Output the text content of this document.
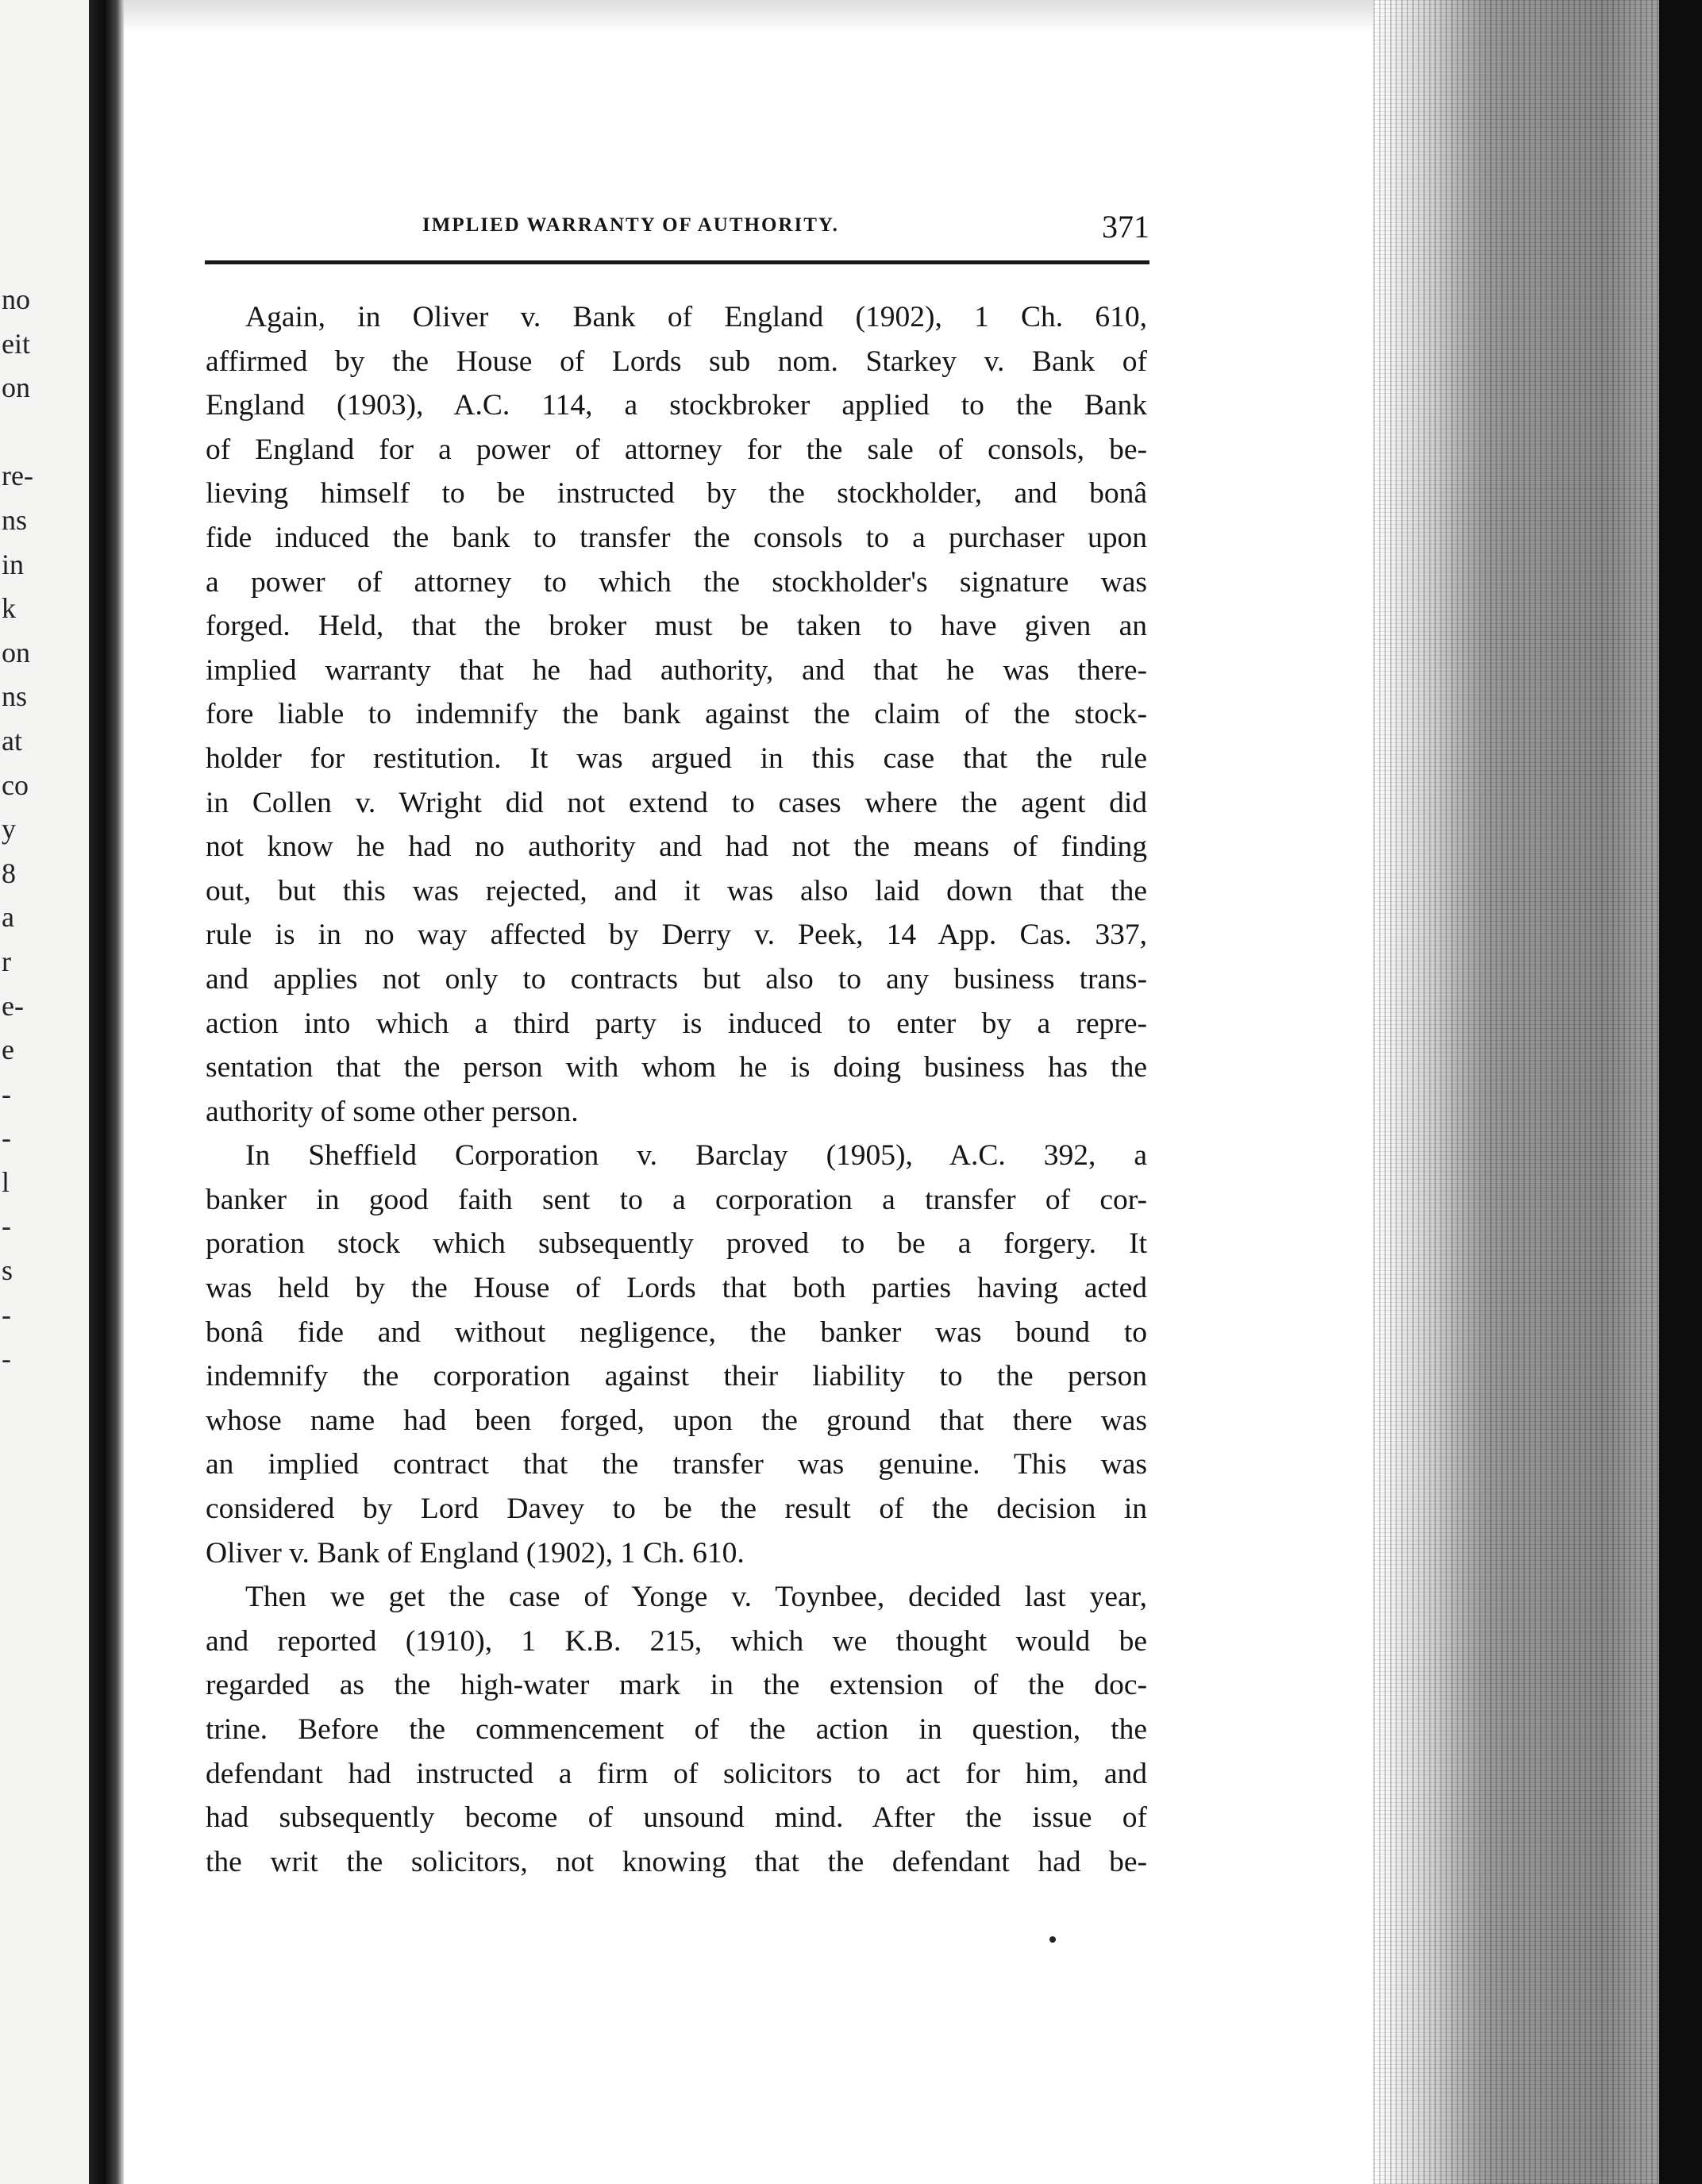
no
eit
on
re-
ns
in
k
on
ns
at
co
y
8
a
r
e-
e
-
-
l
-
s
-
-
IMPLIED WARRANTY OF AUTHORITY.	371
Again, in Oliver v. Bank of England (1902), 1 Ch. 610,
affirmed by the House of Lords sub nom. Starkey v. Bank of
England (1903), A.C. 114, a stockbroker applied to the Bank
of England for a power of attorney for the sale of consols, be-
lieving himself to be instructed by the stockholder, and bonâ
fide induced the bank to transfer the consols to a purchaser upon
a power of attorney to which the stockholder's signature was
forged. Held, that the broker must be taken to have given an
implied warranty that he had authority, and that he was there-
fore liable to indemnify the bank against the claim of the stock-
holder for restitution. It was argued in this case that the rule
in Collen v. Wright did not extend to cases where the agent did
not know he had no authority and had not the means of finding
out, but this was rejected, and it was also laid down that the
rule is in no way affected by Derry v. Peek, 14 App. Cas. 337,
and applies not only to contracts but also to any business trans-
action into which a third party is induced to enter by a repre-
sentation that the person with whom he is doing business has the
authority of some other person.
In Sheffield Corporation v. Barclay (1905), A.C. 392, a
banker in good faith sent to a corporation a transfer of cor-
poration stock which subsequently proved to be a forgery. It
was held by the House of Lords that both parties having acted
bonâ fide and without negligence, the banker was bound to
indemnify the corporation against their liability to the person
whose name had been forged, upon the ground that there was
an implied contract that the transfer was genuine. This was
considered by Lord Davey to be the result of the decision in
Oliver v. Bank of England (1902), 1 Ch. 610.
Then we get the case of Yonge v. Toynbee, decided last year,
and reported (1910), 1 K.B. 215, which we thought would be
regarded as the high-water mark in the extension of the doc-
trine. Before the commencement of the action in question, the
defendant had instructed a firm of solicitors to act for him, and
had subsequently become of unsound mind. After the issue of
the writ the solicitors, not knowing that the defendant had be-
